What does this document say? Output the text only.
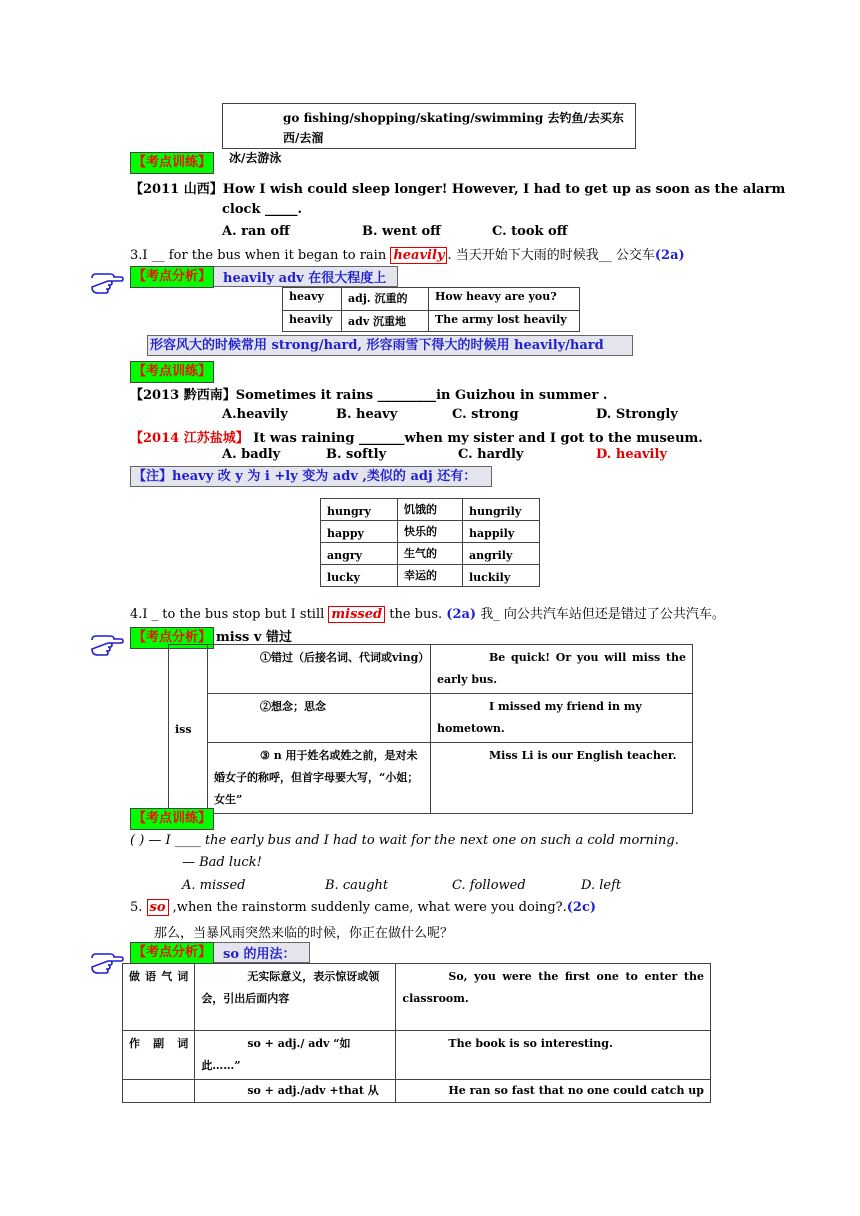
go fishing/shopping/skating/swimming 去钓鱼/去买东西/去溜
冰/去游泳
【考点训练】
【2011 山西】How I wish could sleep longer! However, I had to get up as soon as the alarm
clock _____.
A. ran off	B. went off	C. took off
3.I __ for the bus when it began to rain heavily . 当天开始下大雨的时候我__ 公交车(2a)
【考点分析】 heavily adv 在很大程度上
heavy	adj. 沉重的	How heavy are you?
heavily	adv 沉重地	The army lost heavily
形容风大的时候常用 strong/hard, 形容雨雪下得大的时候用 heavily/hard
【考点训练】
【2013 黔西南】Sometimes it rains _________in Guizhou in summer .
A.heavily	B. heavy	C. strong	D. Strongly
【2014 江苏盐城】 It was raining _______when my sister and I got to the museum.
A. badly	B. softly	C. hardly	D. heavily
【注】heavy 改 y 为 i +ly 变为 adv ,类似的 adj 还有：
hungry	饥饿的	hungrily
happy	快乐的	happily
angry	生气的	angrily
lucky	幸运的	luckily
4.I _ to the bus stop but I still missed the bus. (2a) 我_ 向公共汽车站但还是错过了公共汽车。
【考点分析】 miss v 错过
iss	①错过（后接名词、代词或ving）	Be quick! Or you will miss the early bus.
	②想念；思念	I missed my friend in my hometown.
	③ n 用于姓名或姓之前，是对未婚女子的称呼，但首字母要大写，“小姐；女生”	Miss Li is our English teacher.
【考点训练】
( ) — I ____ the early bus and I had to wait for the next one on such a cold morning.
— Bad luck!
A. missed	B. caught	C. followed	D. left
5. so ,when the rainstorm suddenly came, what were you doing?.(2c)
那么，当暴风雨突然来临的时候，你正在做什么呢？
【考点分析】 so 的用法：
做语气词	无实际意义，表示惊讶或领会，引出后面内容	So, you were the first one to enter the classroom.
作副词	so + adj./ adv “如此……”	The book is so interesting.
	so + adj./adv +that 从	He ran so fast that no one could catch up
